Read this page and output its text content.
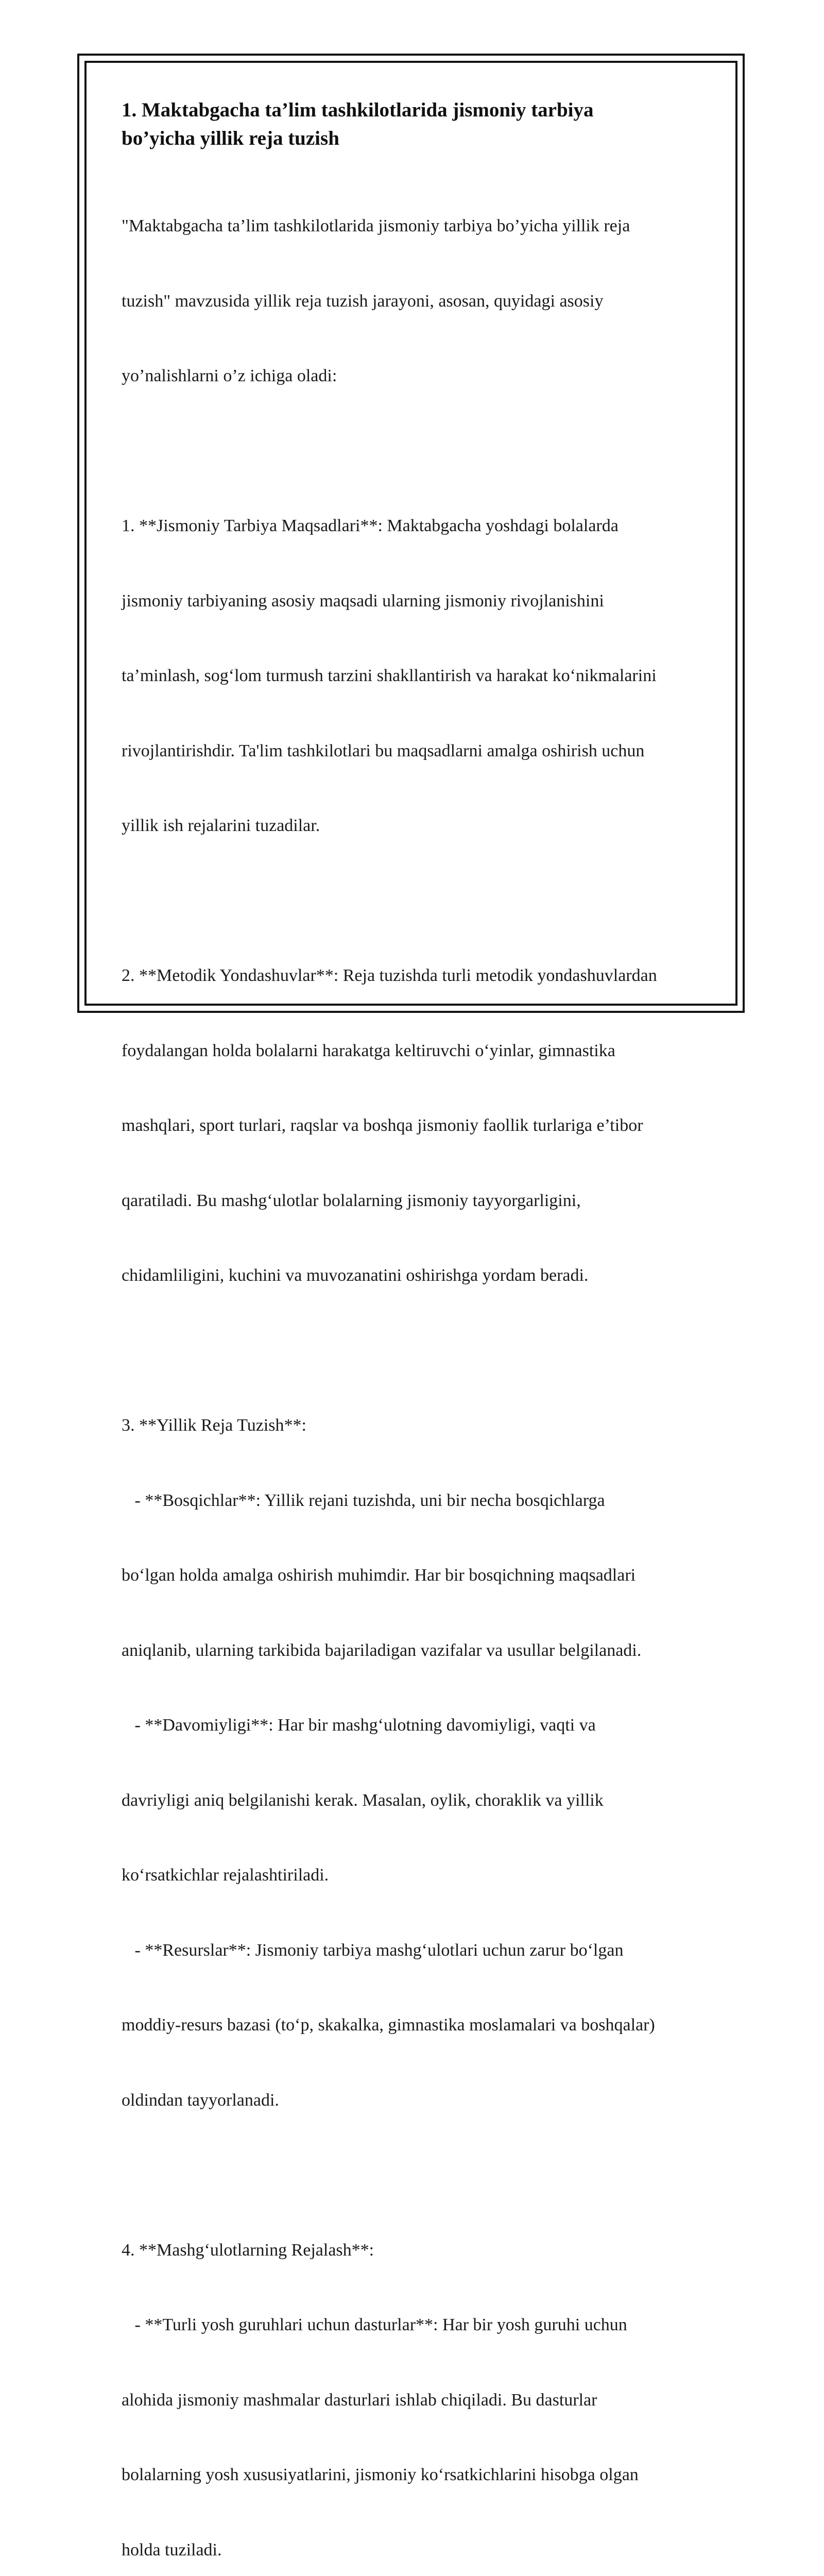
1. Maktabgacha ta’lim tashkilotlarida jismoniy tarbiya
bo’yicha yillik reja tuzish

"Maktabgacha ta’lim tashkilotlarida jismoniy tarbiya bo’yicha yillik reja

tuzish" mavzusida yillik reja tuzish jarayoni, asosan, quyidagi asosiy

yo’nalishlarni o’z ichiga oladi:

1. **Jismoniy Tarbiya Maqsadlari**: Maktabgacha yoshdagi bolalarda

jismoniy tarbiyaning asosiy maqsadi ularning jismoniy rivojlanishini

ta’minlash, sog‘lom turmush tarzini shakllantirish va harakat ko‘nikmalarini

rivojlantirishdir. Ta'lim tashkilotlari bu maqsadlarni amalga oshirish uchun

yillik ish rejalarini tuzadilar.

2. **Metodik Yondashuvlar**: Reja tuzishda turli metodik yondashuvlardan

foydalangan holda bolalarni harakatga keltiruvchi o‘yinlar, gimnastika

mashqlari, sport turlari, raqslar va boshqa jismoniy faollik turlariga e’tibor

qaratiladi. Bu mashg‘ulotlar bolalarning jismoniy tayyorgarligini,

chidamliligini, kuchini va muvozanatini oshirishga yordam beradi.

3. **Yillik Reja Tuzish**:

- **Bosqichlar**: Yillik rejani tuzishda, uni bir necha bosqichlarga

bo‘lgan holda amalga oshirish muhimdir. Har bir bosqichning maqsadlari

aniqlanib, ularning tarkibida bajariladigan vazifalar va usullar belgilanadi.

- **Davomiyligi**: Har bir mashg‘ulotning davomiyligi, vaqti va

davriyligi aniq belgilanishi kerak. Masalan, oylik, choraklik va yillik

ko‘rsatkichlar rejalashtiriladi.

- **Resurslar**: Jismoniy tarbiya mashg‘ulotlari uchun zarur bo‘lgan

moddiy-resurs bazasi (to‘p, skakalka, gimnastika moslamalari va boshqalar)

oldindan tayyorlanadi.

4. **Mashg‘ulotlarning Rejalash**:

- **Turli yosh guruhlari uchun dasturlar**: Har bir yosh guruhi uchun

alohida jismoniy mashmalar dasturlari ishlab chiqiladi. Bu dasturlar

bolalarning yosh xususiyatlarini, jismoniy ko‘rsatkichlarini hisobga olgan

holda tuziladi.
